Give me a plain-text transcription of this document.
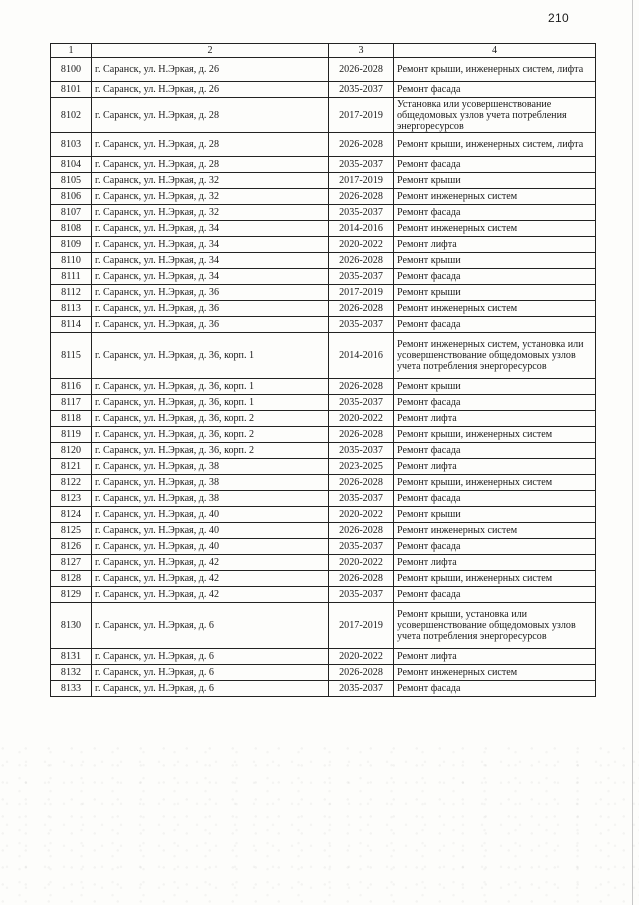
210
1	2	3	4
8100	г. Саранск, ул. Н.Эркая, д. 26	2026-2028	Ремонт крыши, инженерных систем, лифта
8101	г. Саранск, ул. Н.Эркая, д. 26	2035-2037	Ремонт фасада
8102	г. Саранск, ул. Н.Эркая, д. 28	2017-2019	Установка или усовершенствование общедомовых узлов учета потребления энергоресурсов
8103	г. Саранск, ул. Н.Эркая, д. 28	2026-2028	Ремонт крыши, инженерных систем, лифта
8104	г. Саранск, ул. Н.Эркая, д. 28	2035-2037	Ремонт фасада
8105	г. Саранск, ул. Н.Эркая, д. 32	2017-2019	Ремонт крыши
8106	г. Саранск, ул. Н.Эркая, д. 32	2026-2028	Ремонт инженерных систем
8107	г. Саранск, ул. Н.Эркая, д. 32	2035-2037	Ремонт фасада
8108	г. Саранск, ул. Н.Эркая, д. 34	2014-2016	Ремонт инженерных систем
8109	г. Саранск, ул. Н.Эркая, д. 34	2020-2022	Ремонт лифта
8110	г. Саранск, ул. Н.Эркая, д. 34	2026-2028	Ремонт крыши
8111	г. Саранск, ул. Н.Эркая, д. 34	2035-2037	Ремонт фасада
8112	г. Саранск, ул. Н.Эркая, д. 36	2017-2019	Ремонт крыши
8113	г. Саранск, ул. Н.Эркая, д. 36	2026-2028	Ремонт инженерных систем
8114	г. Саранск, ул. Н.Эркая, д. 36	2035-2037	Ремонт фасада
8115	г. Саранск, ул. Н.Эркая, д. 36, корп. 1	2014-2016	Ремонт инженерных систем, установка или усовершенствование общедомовых узлов учета потребления энергоресурсов
8116	г. Саранск, ул. Н.Эркая, д. 36, корп. 1	2026-2028	Ремонт крыши
8117	г. Саранск, ул. Н.Эркая, д. 36, корп. 1	2035-2037	Ремонт фасада
8118	г. Саранск, ул. Н.Эркая, д. 36, корп. 2	2020-2022	Ремонт лифта
8119	г. Саранск, ул. Н.Эркая, д. 36, корп. 2	2026-2028	Ремонт крыши, инженерных систем
8120	г. Саранск, ул. Н.Эркая, д. 36, корп. 2	2035-2037	Ремонт фасада
8121	г. Саранск, ул. Н.Эркая, д. 38	2023-2025	Ремонт лифта
8122	г. Саранск, ул. Н.Эркая, д. 38	2026-2028	Ремонт крыши, инженерных систем
8123	г. Саранск, ул. Н.Эркая, д. 38	2035-2037	Ремонт фасада
8124	г. Саранск, ул. Н.Эркая, д. 40	2020-2022	Ремонт крыши
8125	г. Саранск, ул. Н.Эркая, д. 40	2026-2028	Ремонт инженерных систем
8126	г. Саранск, ул. Н.Эркая, д. 40	2035-2037	Ремонт фасада
8127	г. Саранск, ул. Н.Эркая, д. 42	2020-2022	Ремонт лифта
8128	г. Саранск, ул. Н.Эркая, д. 42	2026-2028	Ремонт крыши, инженерных систем
8129	г. Саранск, ул. Н.Эркая, д. 42	2035-2037	Ремонт фасада
8130	г. Саранск, ул. Н.Эркая, д. 6	2017-2019	Ремонт крыши, установка или усовершенствование общедомовых узлов учета потребления энергоресурсов
8131	г. Саранск, ул. Н.Эркая, д. 6	2020-2022	Ремонт лифта
8132	г. Саранск, ул. Н.Эркая, д. 6	2026-2028	Ремонт инженерных систем
8133	г. Саранск, ул. Н.Эркая, д. 6	2035-2037	Ремонт фасада
